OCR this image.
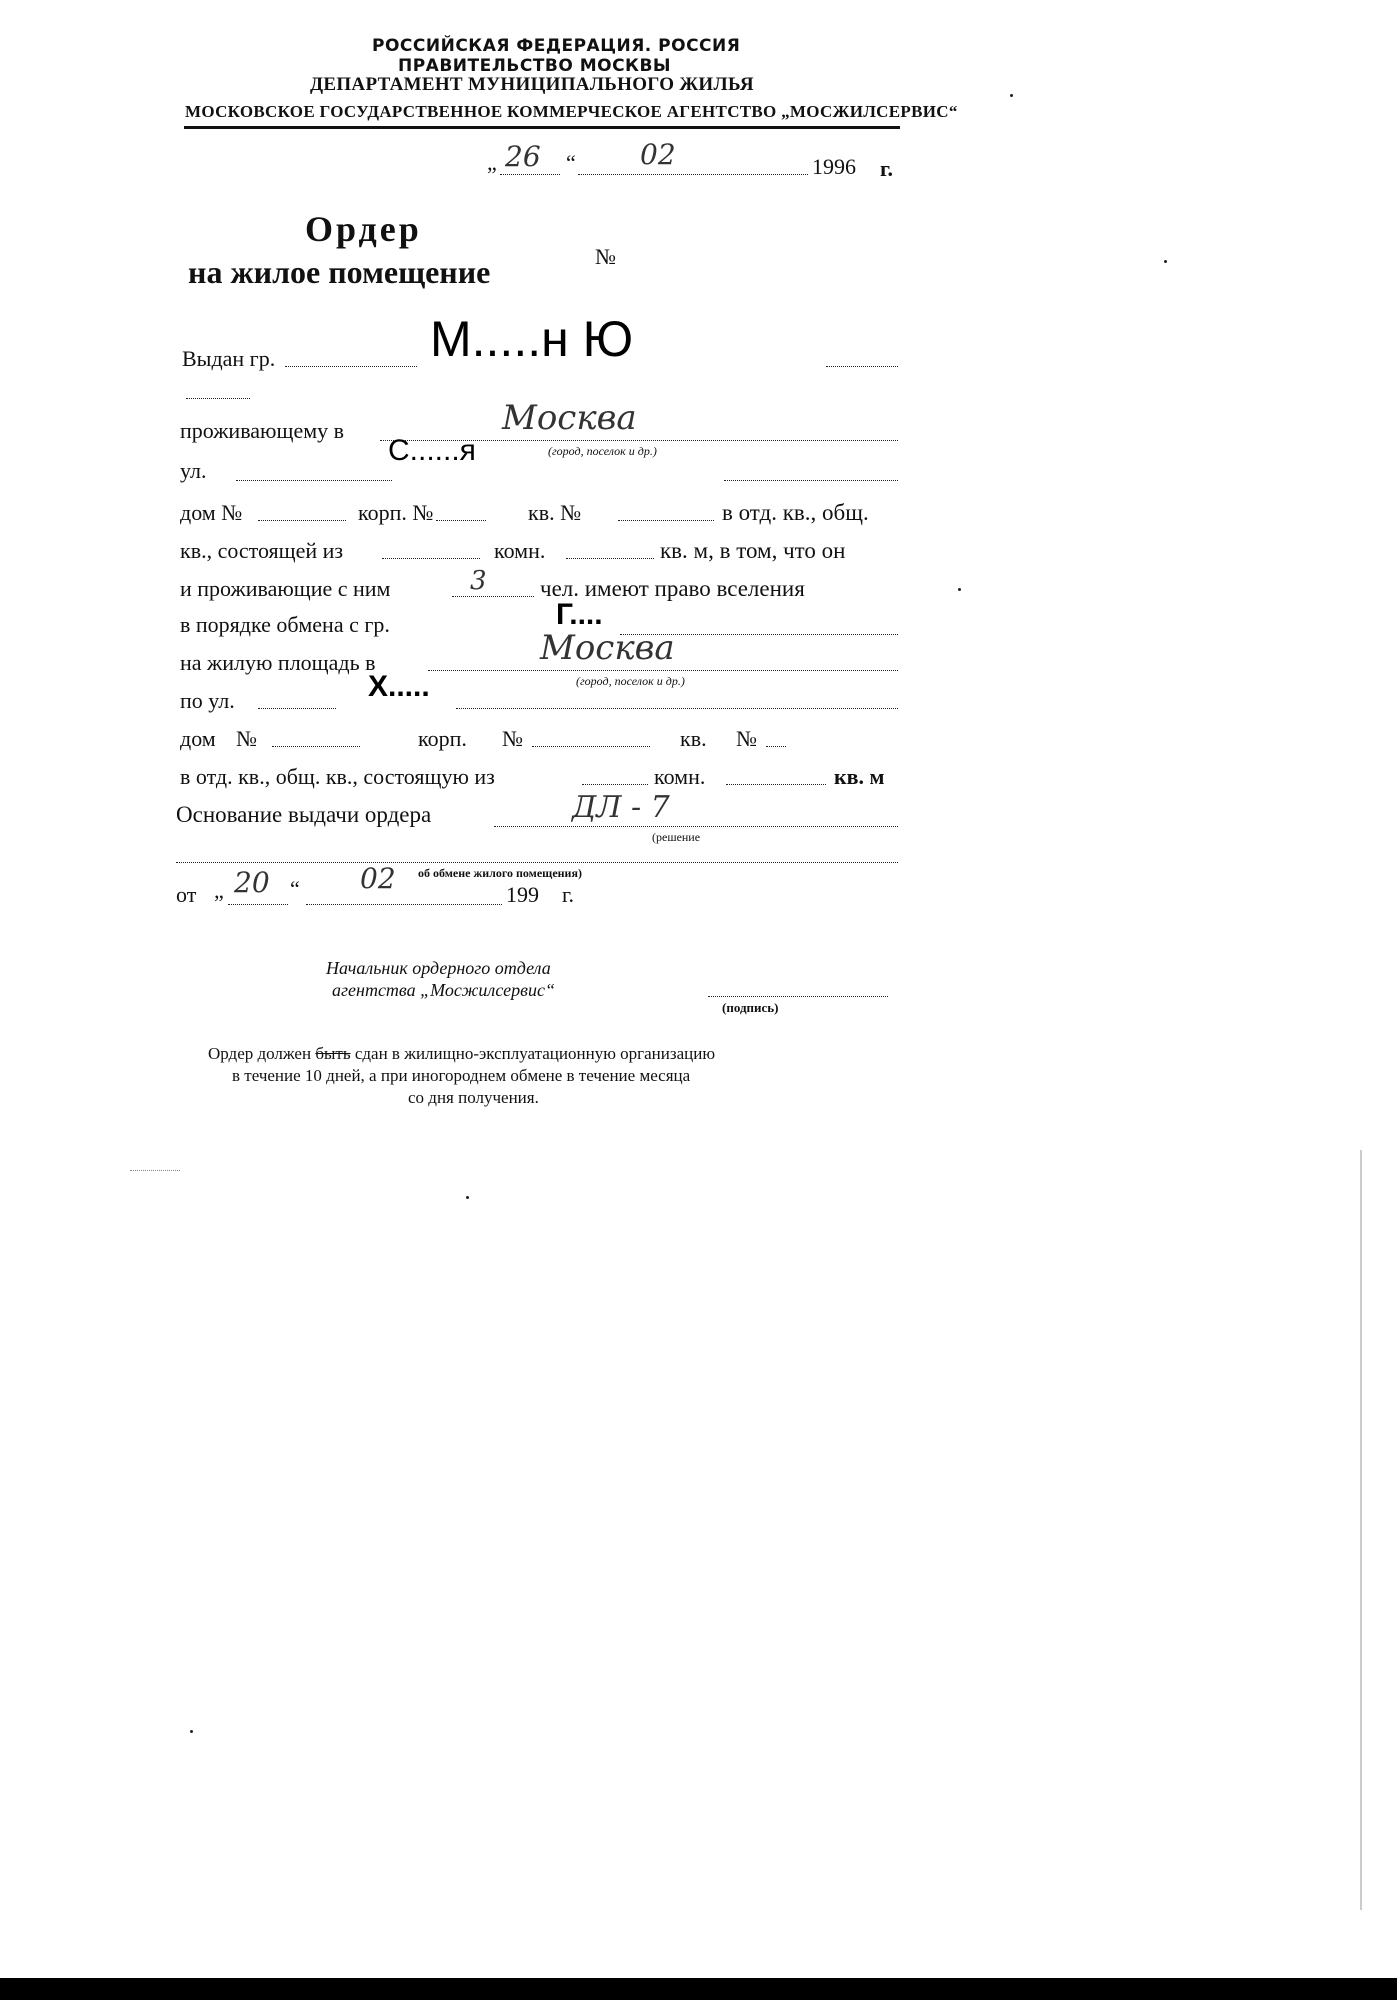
РОССИЙСКАЯ ФЕДЕРАЦИЯ. РОССИЯ
ПРАВИТЕЛЬСТВО МОСКВЫ
ДЕПАРТАМЕНТ МУНИЦИПАЛЬНОГО ЖИЛЬЯ
МОСКОВСКОЕ ГОСУДАРСТВЕННОЕ КОММЕРЧЕСКОЕ АГЕНТСТВО „МОСЖИЛСЕРВИС“
„ 26 “ 02	1996 г.
Ордер
на жилое помещение	№
Выдан гр.	М.....н Ю
проживающему в	Москва
(город, поселок и др.)
ул.
С......я
дом №	корп. №	кв. №	в отд. кв., общ.
кв., состоящей из	комн.	кв. м, в том, что он
и проживающие с ним	3 чел. имеют право вселения
в порядке обмена с гр.	Г....
на жилую площадь в	Москва
(город, поселок и др.)
по ул.	Х.....
дом №	корп. №	кв. №
в отд. кв., общ. кв., состоящую из	комн.	кв. м
Основание выдачи ордера	ДЛ - 7
(решение
об обмене жилого помещения)
от „ 20 “ 02	199 г.
Начальник ордерного отдела
агентства „Мосжилсервис“
(подпись)
Ордер должен быть сдан в жилищно-эксплуатационную организацию
в течение 10 дней, а при иногороднем обмене в течение месяца
со дня получения.
